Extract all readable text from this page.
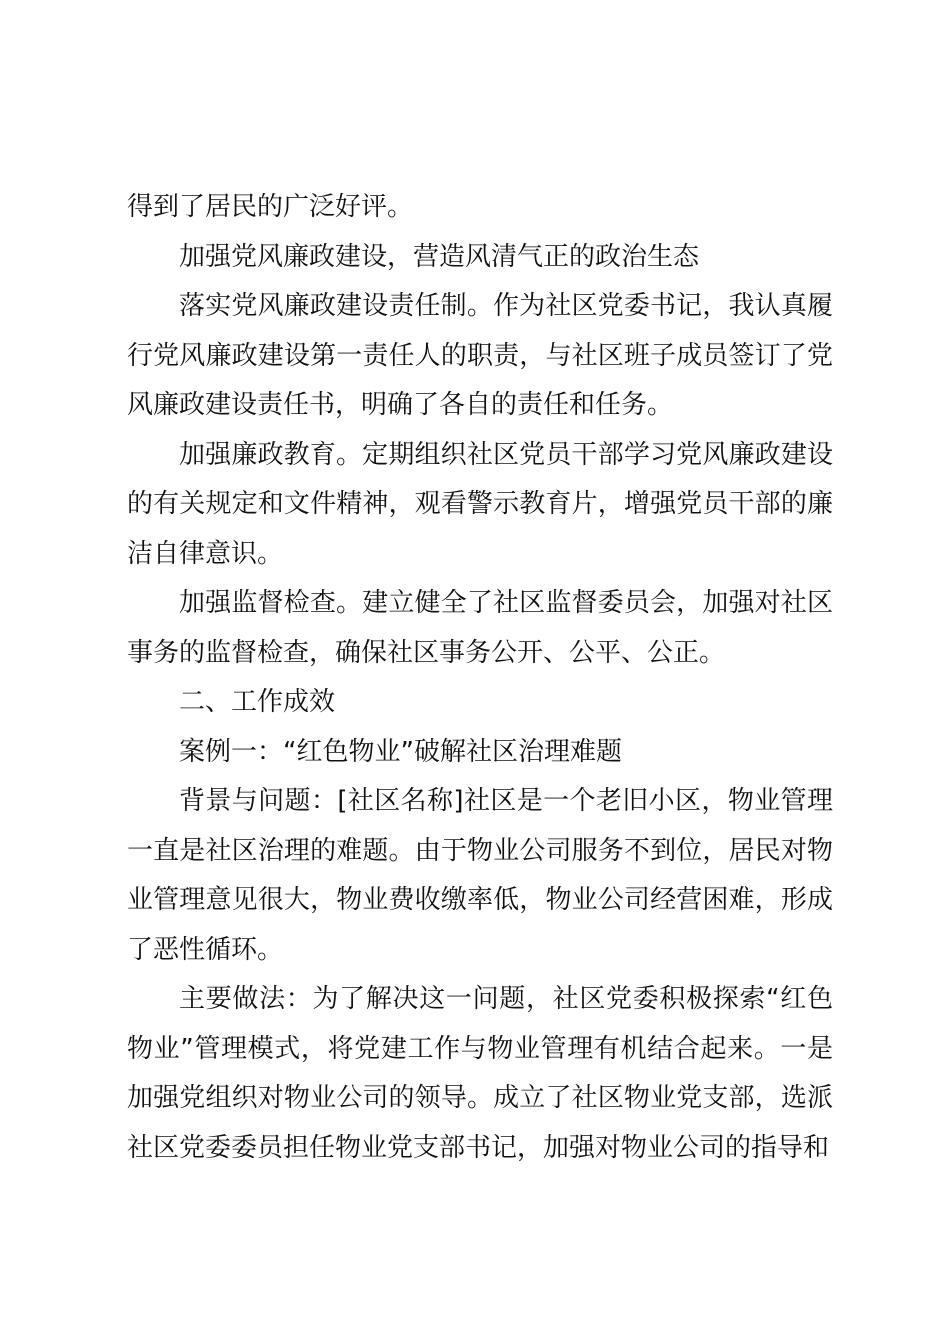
得到了居民的广泛好评。

加强党风廉政建设，营造风清气正的政治生态

落实党风廉政建设责任制。作为社区党委书记，我认真履行党风廉政建设第一责任人的职责，与社区班子成员签订了党风廉政建设责任书，明确了各自的责任和任务。

加强廉政教育。定期组织社区党员干部学习党风廉政建设的有关规定和文件精神，观看警示教育片，增强党员干部的廉洁自律意识。

加强监督检查。建立健全了社区监督委员会，加强对社区事务的监督检查，确保社区事务公开、公平、公正。

二、工作成效

案例一：“红色物业”破解社区治理难题

背景与问题：[社区名称]社区是一个老旧小区，物业管理一直是社区治理的难题。由于物业公司服务不到位，居民对物业管理意见很大，物业费收缴率低，物业公司经营困难，形成了恶性循环。

主要做法：为了解决这一问题，社区党委积极探索“红色物业”管理模式，将党建工作与物业管理有机结合起来。一是加强党组织对物业公司的领导。成立了社区物业党支部，选派社区党委委员担任物业党支部书记，加强对物业公司的指导和
